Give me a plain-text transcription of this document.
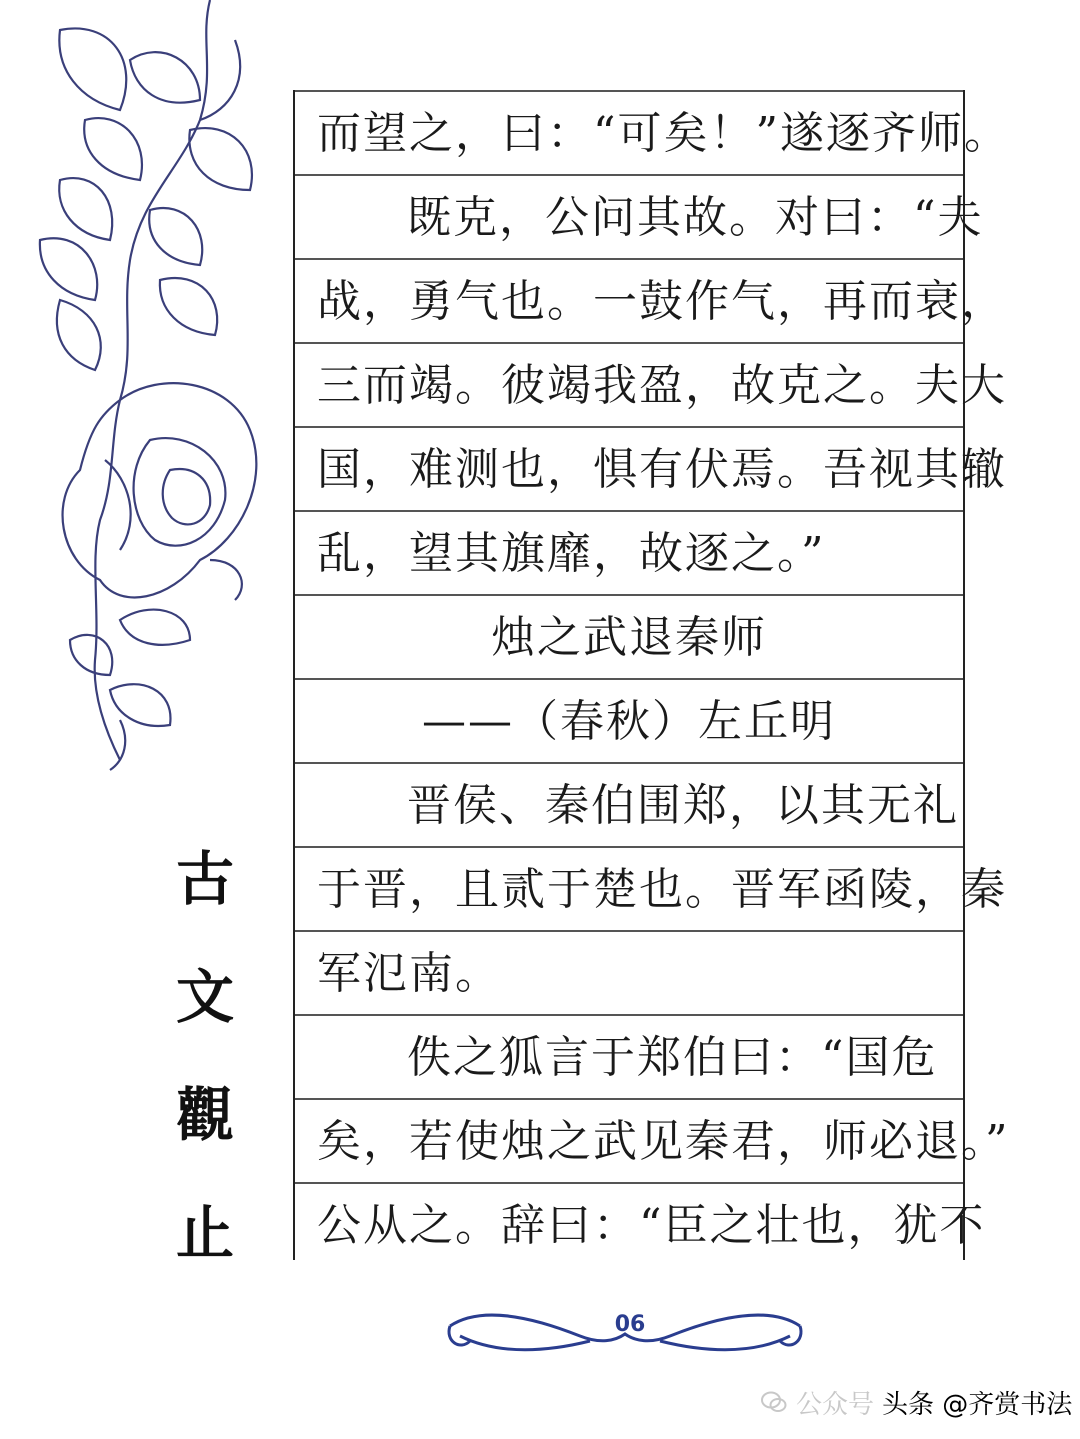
古
文
觀
止
而望之，曰：“可矣！”遂逐齐师。
既克，公问其故。对曰：“夫
战，勇气也。一鼓作气，再而衰，
三而竭。彼竭我盈，故克之。夫大
国，难测也，惧有伏焉。吾视其辙
乱，望其旗靡，故逐之。”
烛之武退秦师
——（春秋）左丘明
晋侯、秦伯围郑，以其无礼
于晋，且贰于楚也。晋军函陵，秦
军氾南。
佚之狐言于郑伯曰：“国危
矣，若使烛之武见秦君，师必退。”
公从之。辞曰：“臣之壮也，犹不
06
公众号 头条 @齐赏书法
